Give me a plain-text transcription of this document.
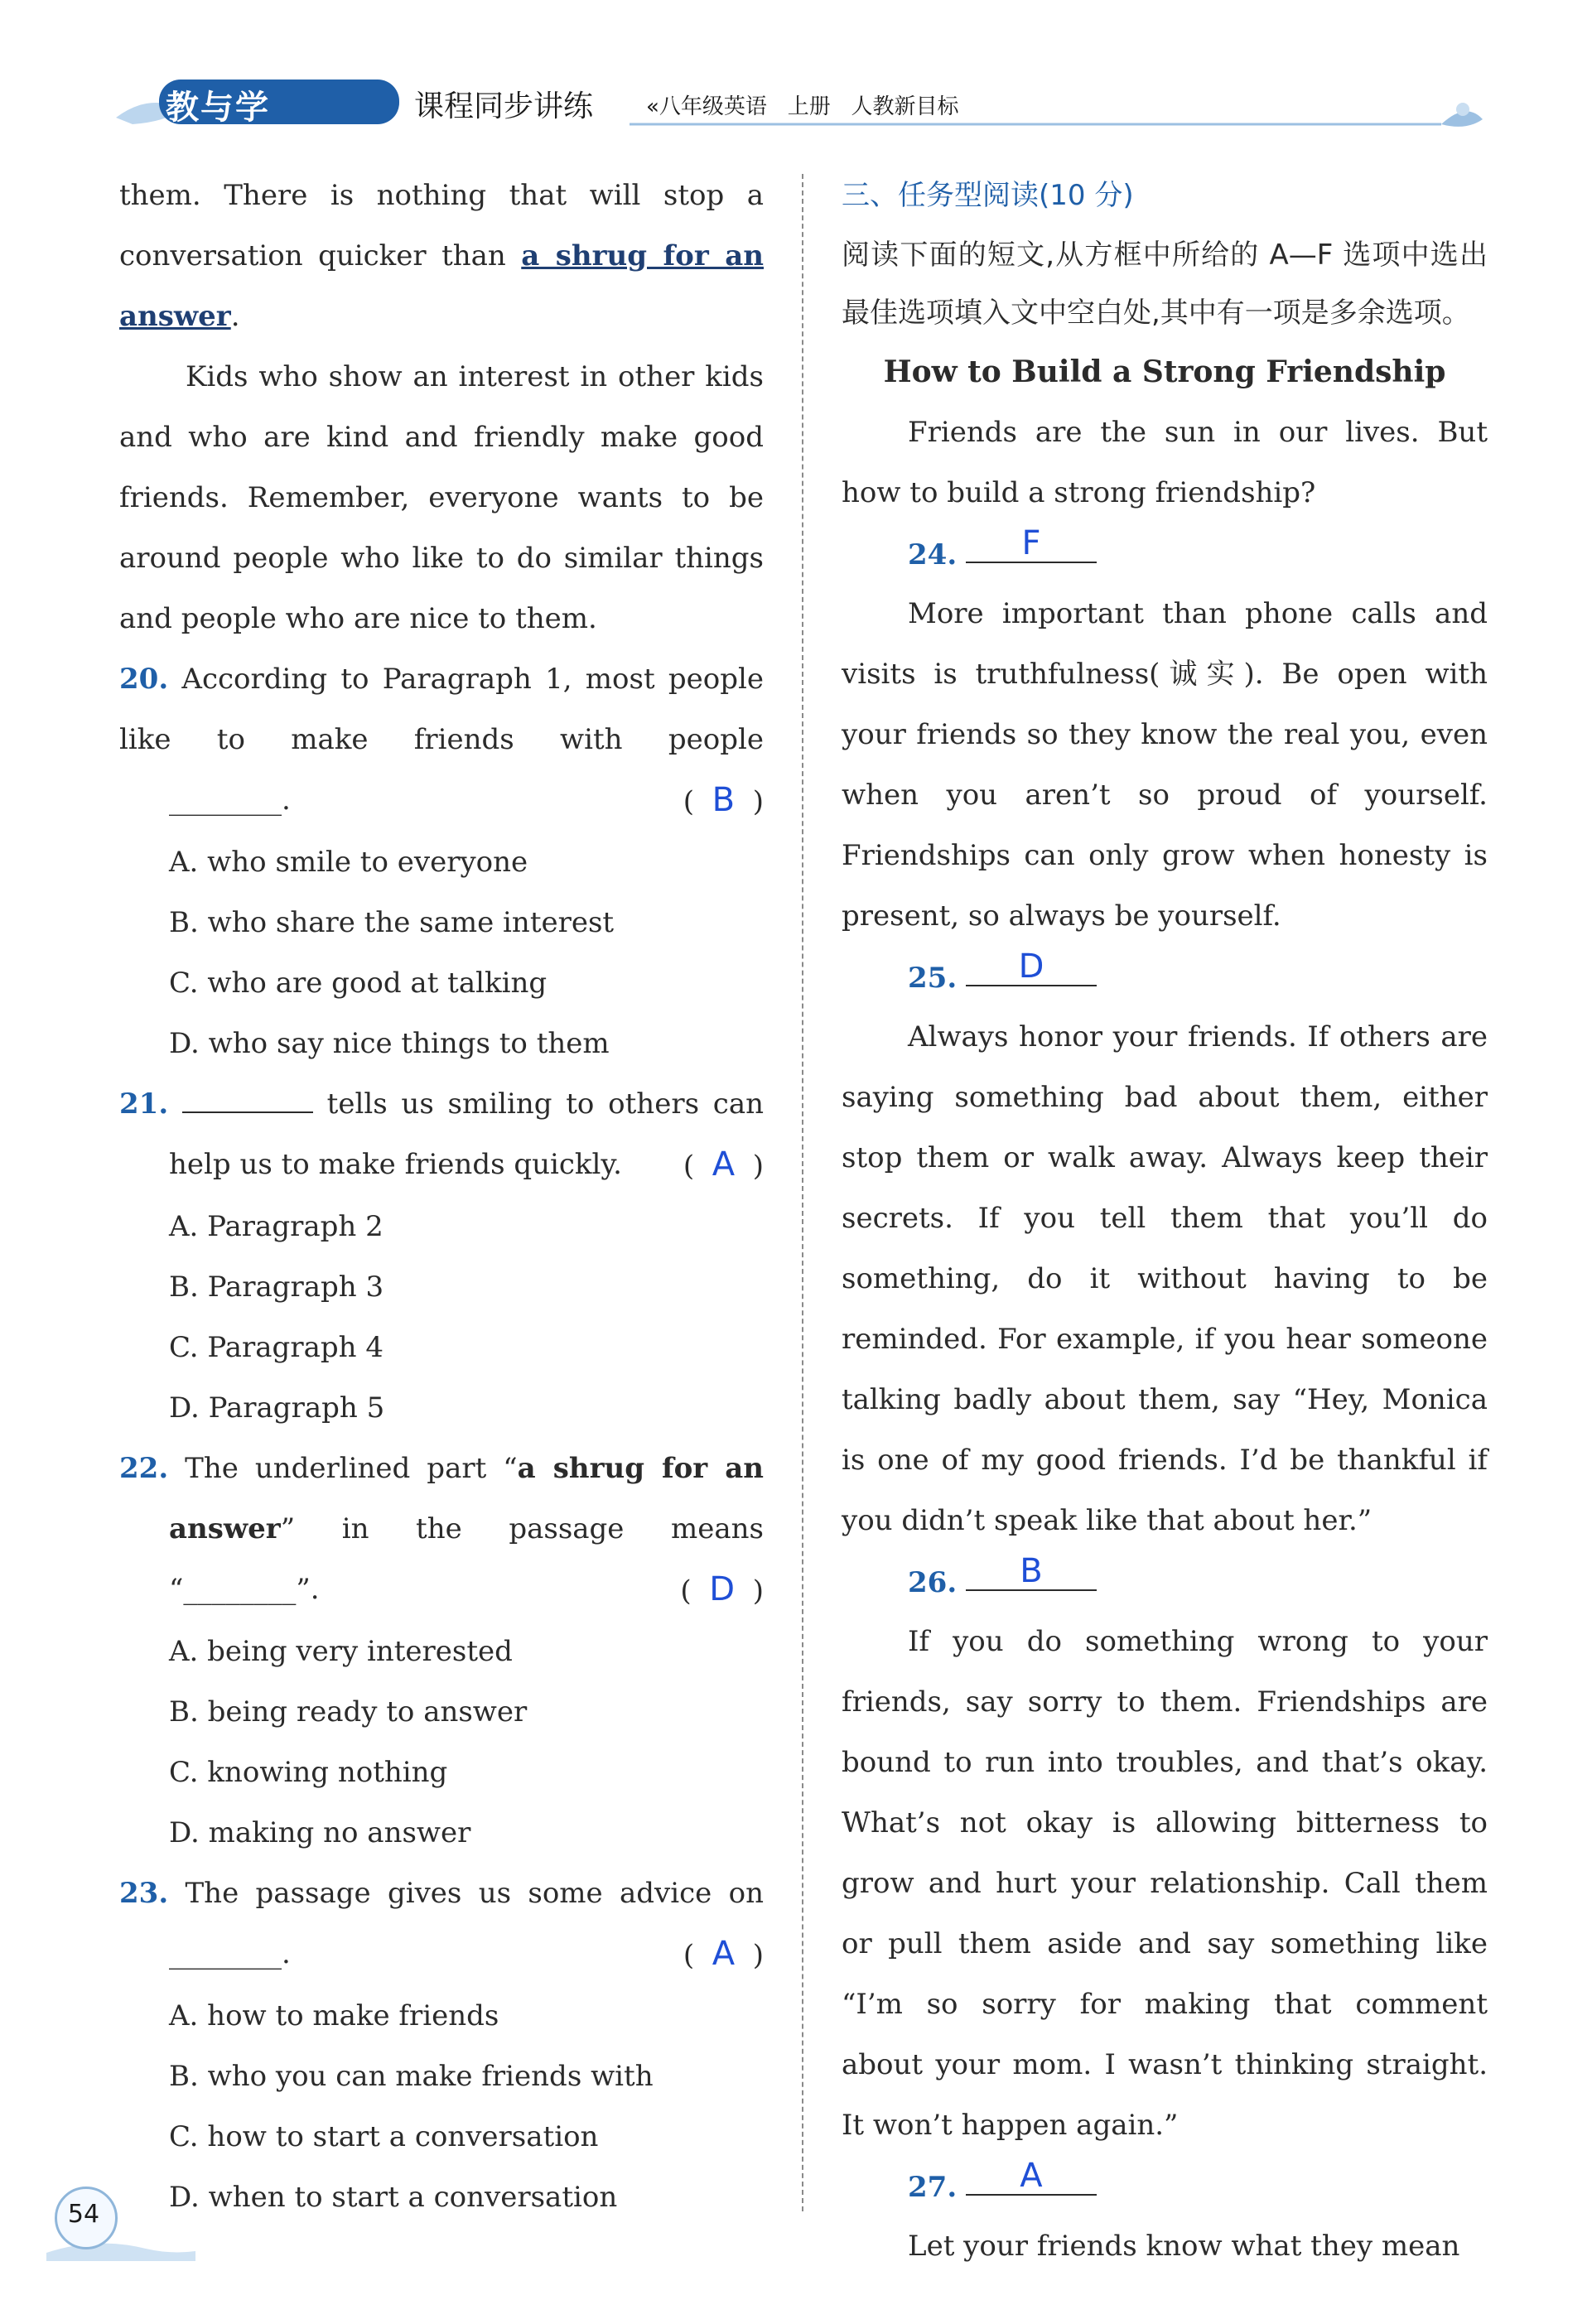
教与学	课程同步讲练 «八年级英语   上册   人教新目标
them. There is nothing that will stop a conversation quicker than a shrug for an answer.
Kids who show an interest in other kids and who are kind and friendly make good friends. Remember, everyone wants to be around people who like to do similar things and people who are nice to them.
20. According to Paragraph 1, most people like to make friends with people
________.	(  B  )
A. who smile to everyone
B. who share the same interest
C. who are good at talking
D. who say nice things to them
21.	tells us smiling to others can
help us to make friends quickly. (  A  )
A. Paragraph 2
B. Paragraph 3
C. Paragraph 4
D. Paragraph 5
22. The underlined part “a shrug for an
answer” in the passage means
“________”.	(  D  )
A. being very interested
B. being ready to answer
C. knowing nothing
D. making no answer
23. The passage gives us some advice on
________.	(  A  )
A. how to make friends
B. who you can make friends with
C. how to start a conversation
D. when to start a conversation
三、任务型阅读(10 分)
阅读下面的短文,从方框中所给的 A—F 选项中选出最佳选项填入文中空白处,其中有一项是多余选项。
How to Build a Strong Friendship
Friends are the sun in our lives. But how to build a strong friendship?
24. F
More important than phone calls and visits is truthfulness(诚实). Be open with your friends so they know the real you, even when you aren’t so proud of yourself. Friendships can only grow when honesty is present, so always be yourself.
25. D
Always honor your friends. If others are saying something bad about them, either stop them or walk away. Always keep their secrets. If you tell them that you’ll do something, do it without having to be reminded. For example, if you hear someone talking badly about them, say “Hey, Monica is one of my good friends. I’d be thankful if you didn’t speak like that about her.”
26. B
If you do something wrong to your friends, say sorry to them. Friendships are bound to run into troubles, and that’s okay. What’s not okay is allowing bitterness to grow and hurt your relationship. Call them or pull them aside and say something like “I’m so sorry for making that comment about your mom. I wasn’t thinking straight. It won’t happen again.”
27. A
Let your friends know what they mean
54
